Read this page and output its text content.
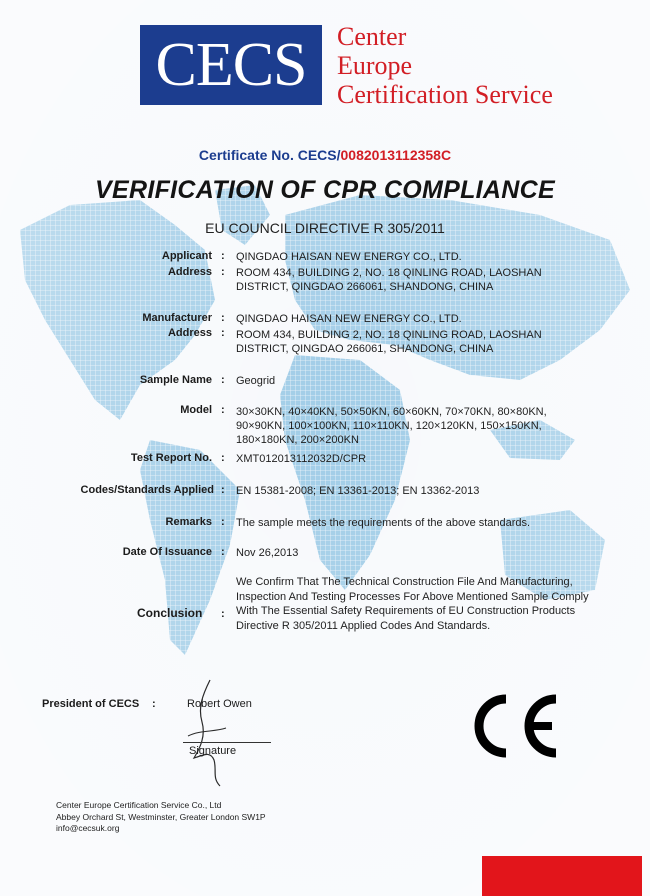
CECS	Center
Europe
Certification Service
Certificate No. CECS/0082013112358C
VERIFICATION OF CPR COMPLIANCE
EU COUNCIL DIRECTIVE R 305/2011
Applicant : QINGDAO HAISAN NEW ENERGY CO., LTD.
Address : ROOM 434, BUILDING 2, NO. 18 QINLING ROAD, LAOSHAN
DISTRICT, QINGDAO 266061, SHANDONG, CHINA
Manufacturer : QINGDAO HAISAN NEW ENERGY CO., LTD.
Address : ROOM 434, BUILDING 2, NO. 18 QINLING ROAD, LAOSHAN
DISTRICT, QINGDAO 266061, SHANDONG, CHINA
Sample Name : Geogrid
Model : 30×30KN, 40×40KN, 50×50KN, 60×60KN, 70×70KN, 80×80KN,
90×90KN, 100×100KN, 110×110KN, 120×120KN, 150×150KN,
180×180KN, 200×200KN
Test Report No. : XMT012013112032D/CPR
Codes/Standards Applied : EN 15381-2008; EN 13361-2013; EN 13362-2013
Remarks : The sample meets the requirements of the above standards.
Date Of Issuance : Nov 26,2013
Conclusion :
We Confirm That The Technical Construction File And Manufacturing, Inspection And Testing Processes For Above Mentioned Sample Comply With The Essential Safety Requirements of EU Construction Products Directive R 305/2011 Applied Codes And Standards.
President of CECS :	Robert Owen
Signature
Center Europe Certification Service Co., Ltd
Abbey Orchard St, Westminster, Greater London SW1P
info@cecsuk.org
